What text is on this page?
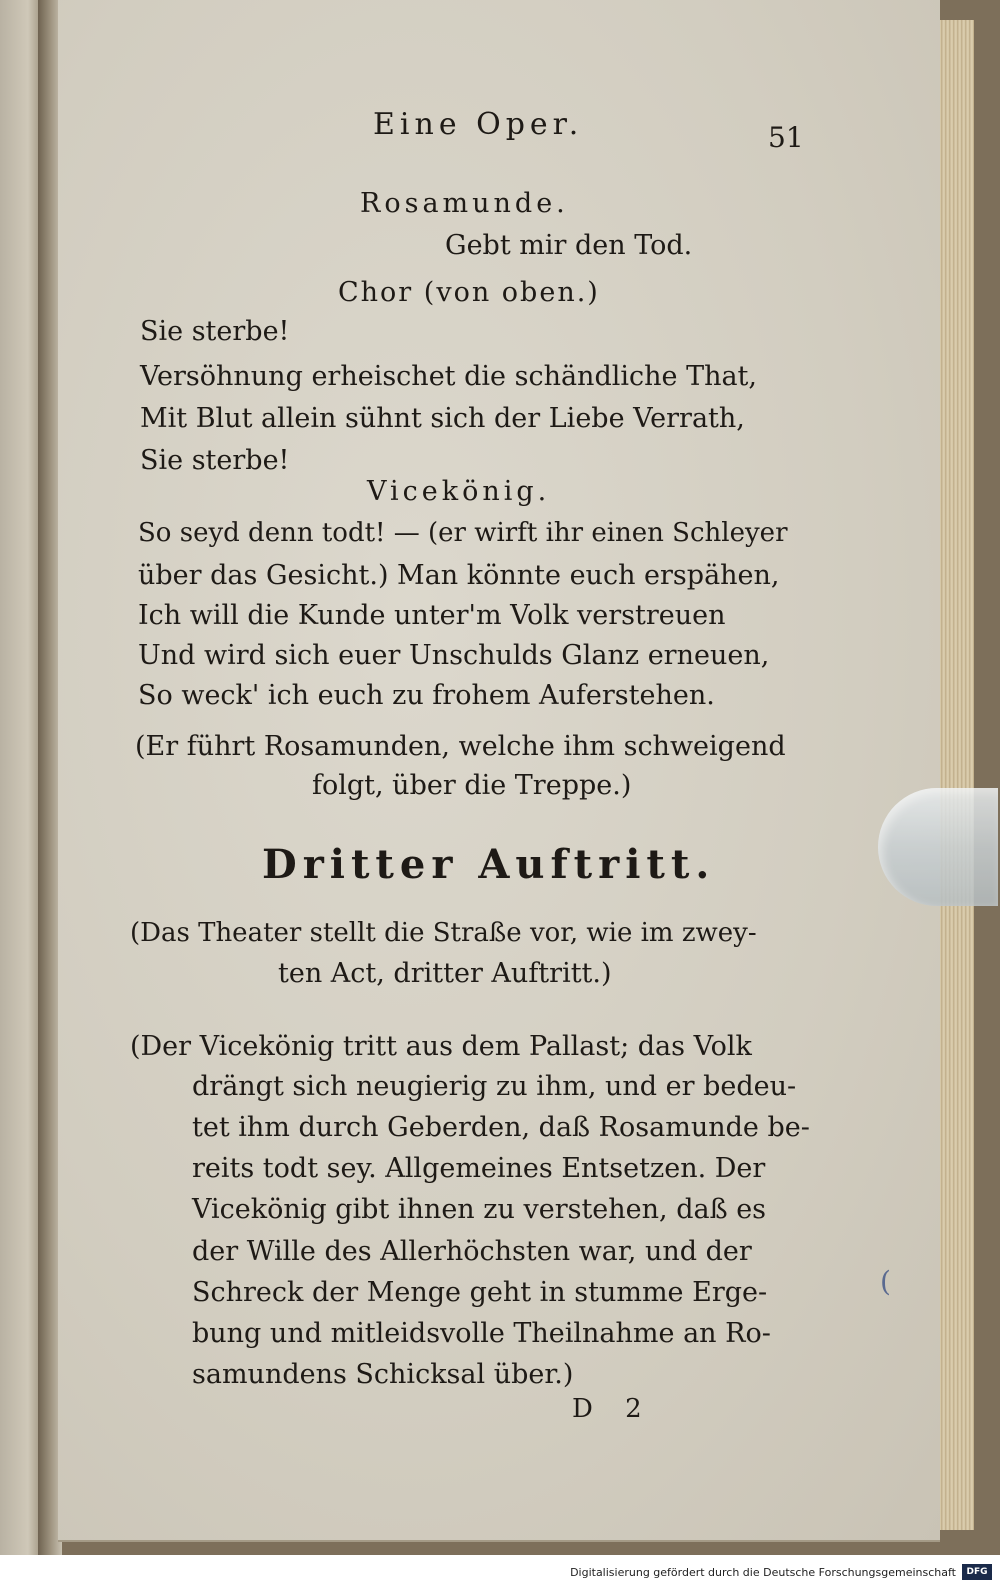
Eine Oper.	51
Rosamunde.
Gebt mir den Tod.
Chor (von oben.)
Sie sterbe!
Versöhnung erheischet die schändliche That,
Mit Blut allein sühnt sich der Liebe Verrath,
Sie sterbe!
Vicekönig.
So seyd denn todt! — (er wirft ihr einen Schleyer
über das Gesicht.) Man könnte euch erspähen,
Ich will die Kunde unter'm Volk verstreuen
Und wird sich euer Unschulds Glanz erneuen,
So weck' ich euch zu frohem Auferstehen.
(Er führt Rosamunden, welche ihm schweigend
folgt, über die Treppe.)
Dritter Auftritt.
(Das Theater stellt die Straße vor, wie im zwey-
ten Act, dritter Auftritt.)
(Der Vicekönig tritt aus dem Pallast; das Volk
drängt sich neugierig zu ihm, und er bedeu-
tet ihm durch Geberden, daß Rosamunde be-
reits todt sey. Allgemeines Entsetzen. Der
Vicekönig gibt ihnen zu verstehen, daß es
der Wille des Allerhöchsten war, und der
Schreck der Menge geht in stumme Erge-
bung und mitleidsvolle Theilnahme an Ro-
samundens Schicksal über.)
D 2
(
Digitalisierung gefördert durch die Deutsche Forschungsgemeinschaft	DFG
